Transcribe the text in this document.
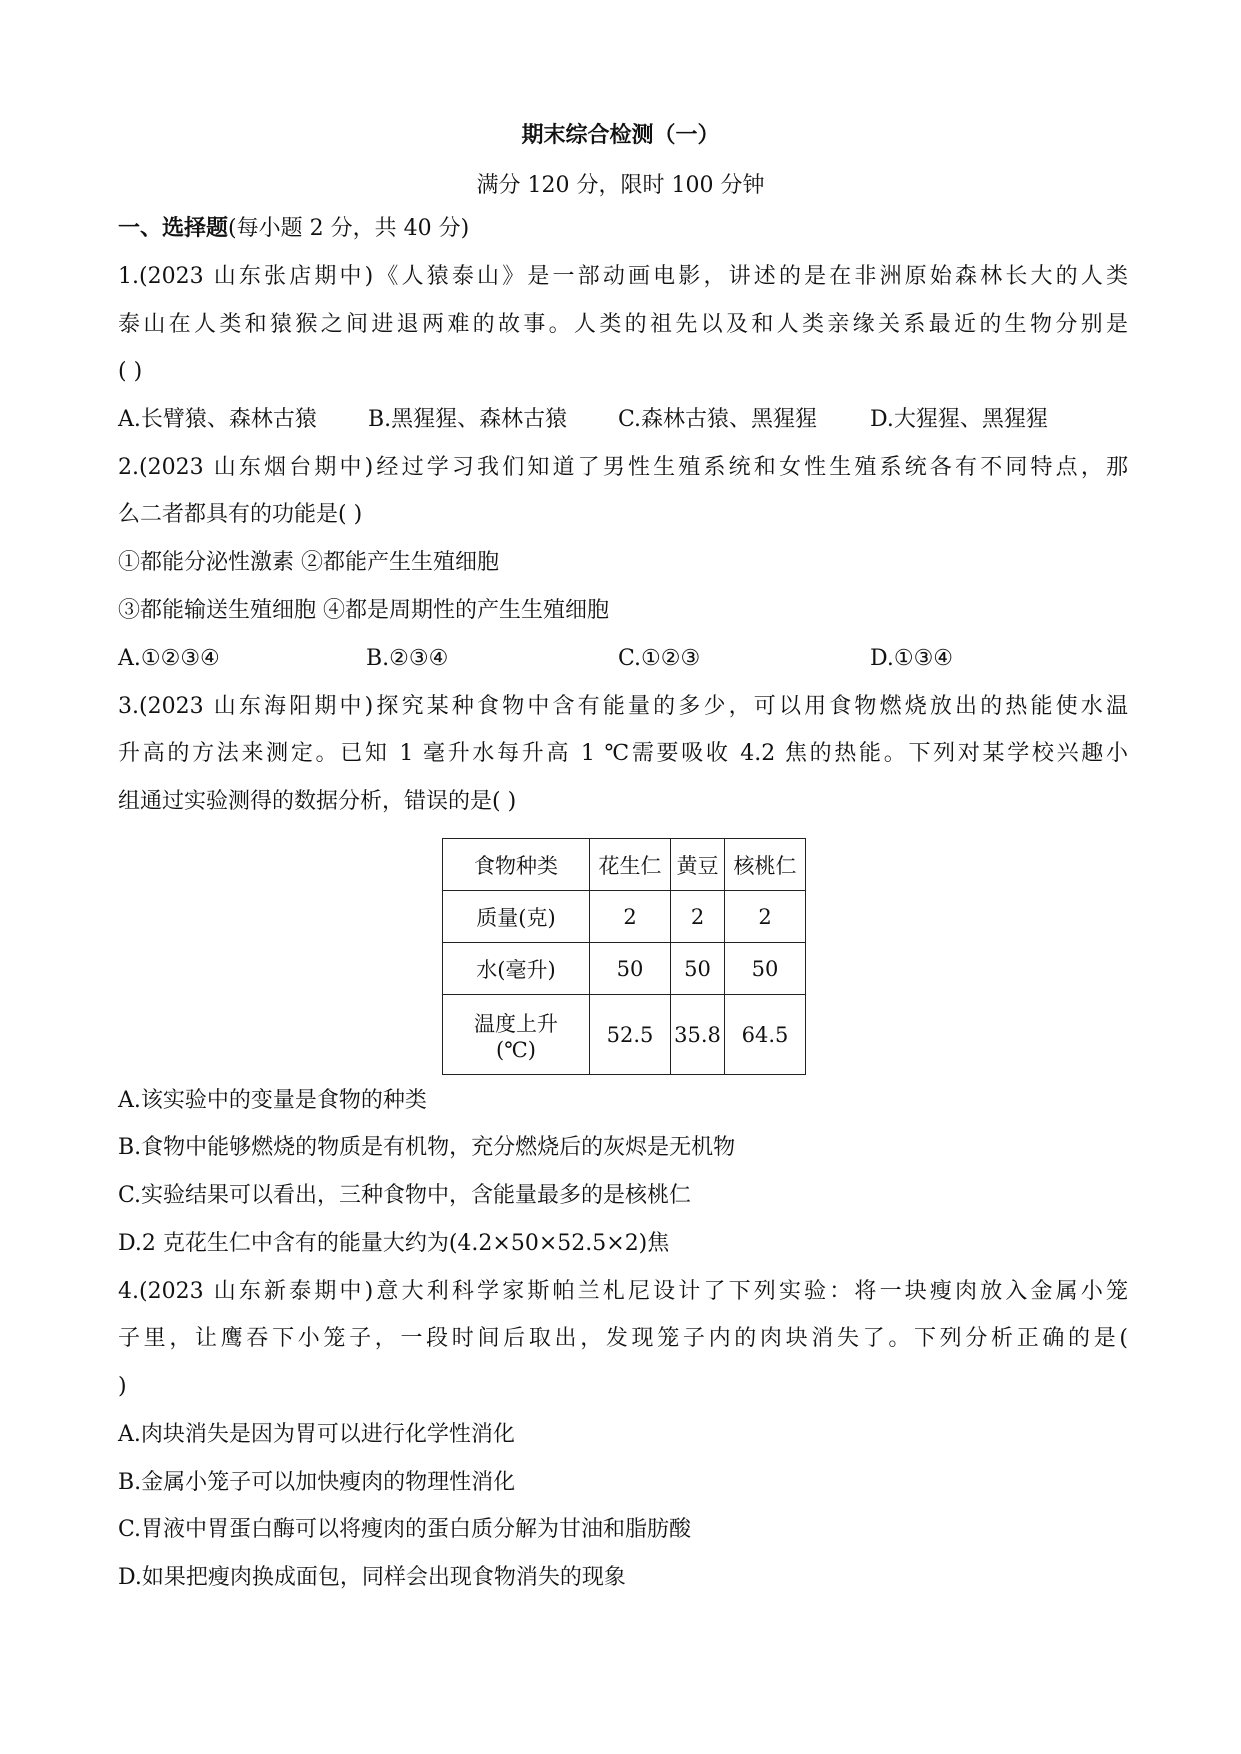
期末综合检测（一）
满分 120 分，限时 100 分钟
一、选择题(每小题 2 分，共 40 分)
1.(2023 山东张店期中)《人猿泰山》是一部动画电影，讲述的是在非洲原始森林长大的人类
泰山在人类和猿猴之间进退两难的故事。人类的祖先以及和人类亲缘关系最近的生物分别是
( )
A.长臂猿、森林古猿 B.黑猩猩、森林古猿 C.森林古猿、黑猩猩 D.大猩猩、黑猩猩
2.(2023 山东烟台期中)经过学习我们知道了男性生殖系统和女性生殖系统各有不同特点，那
么二者都具有的功能是( )
①都能分泌性激素 ②都能产生生殖细胞
③都能输送生殖细胞 ④都是周期性的产生生殖细胞
A.①②③④	B.②③④	C.①②③	D.①③④
3.(2023 山东海阳期中)探究某种食物中含有能量的多少，可以用食物燃烧放出的热能使水温
升高的方法来测定。已知 1 毫升水每升高 1 ℃需要吸收 4.2 焦的热能。下列对某学校兴趣小
组通过实验测得的数据分析，错误的是( )
食物种类	花生仁	黄豆	核桃仁
质量(克)	2	2	2
水(毫升)	50	50	50

温度上升
(℃)	52.5	35.8	64.5
A.该实验中的变量是食物的种类
B.食物中能够燃烧的物质是有机物，充分燃烧后的灰烬是无机物
C.实验结果可以看出，三种食物中，含能量最多的是核桃仁
D.2 克花生仁中含有的能量大约为(4.2×50×52.5×2)焦
4.(2023 山东新泰期中)意大利科学家斯帕兰札尼设计了下列实验：将一块瘦肉放入金属小笼
子里，让鹰吞下小笼子，一段时间后取出，发现笼子内的肉块消失了。下列分析正确的是(
)
A.肉块消失是因为胃可以进行化学性消化
B.金属小笼子可以加快瘦肉的物理性消化
C.胃液中胃蛋白酶可以将瘦肉的蛋白质分解为甘油和脂肪酸
D.如果把瘦肉换成面包，同样会出现食物消失的现象
